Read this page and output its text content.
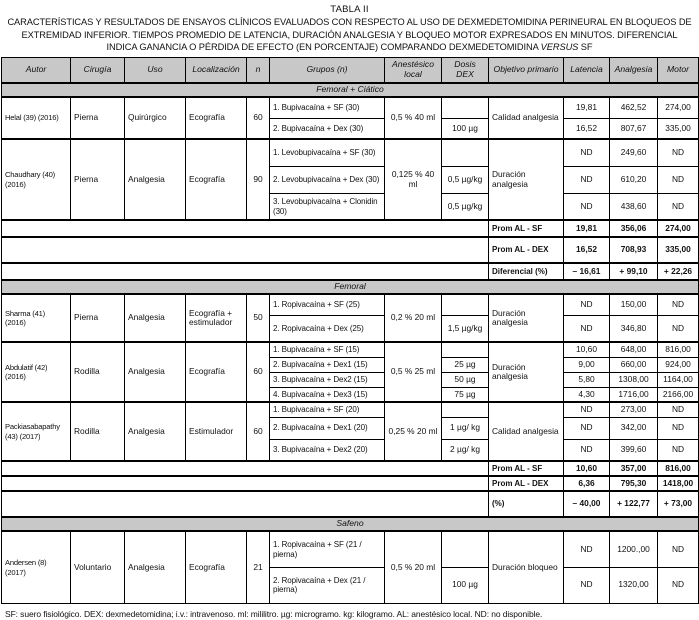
TABLA II
CARACTERÍSTICAS Y RESULTADOS DE ENSAYOS CLÍNICOS EVALUADOS CON RESPECTO AL USO DE DEXMEDETOMIDINA PERINEURAL EN BLOQUEOS DE EXTREMIDAD INFERIOR. TIEMPOS PROMEDIO DE LATENCIA, DURACIÓN ANALGESIA Y BLOQUEO MOTOR EXPRESADOS EN MINUTOS. DIFERENCIAL INDICA GANANCIA O PÉRDIDA DE EFECTO (EN PORCENTAJE) COMPARANDO DEXMEDETOMIDINA VERSUS SF
Autor	Cirugía	Uso	Localización	n	Grupos (n)	Anestésico local	Dosis DEX	Objetivo primario	Latencia	Analgesia	Motor
Femoral + Ciático											
Helal (39) (2016)	Pierna	Quirúrgico	Ecografía	60	1. Bupivacaína + SF (30)	0,5 % 40 ml		Calidad analgesia	19,81	462,52	274,00
					2. Bupivacaína + Dex (30)		100 µg		16,52	807,67	335,00
Chaudhary (40) (2016)	Pierna	Analgesia	Ecografía	90	1. Levobupivacaína + SF (30)	0,125 % 40 ml		Duración analgesia	ND	249,60	ND
					2. Levobupivacaína + Dex (30)		0,5 µg/kg		ND	610,20	ND
					3. Levobupivacaína + Clonidin (30)		0,5 µg/kg		ND	438,60	ND
								Prom AL - SF	19,81	356,06	274,00
								Prom AL - DEX	16,52	708,93	335,00
								Diferencial (%)	– 16,61	+ 99,10	+ 22,26
Femoral											
Sharma (41) (2016)	Pierna	Analgesia	Ecografía + estimulador	50	1. Ropivacaína + SF (25)	0,2 % 20 ml		Duración analgesia	ND	150,00	ND
					2. Ropivacaína + Dex (25)		1,5 µg/kg		ND	346,80	ND
Abdulatif (42) (2016)	Rodilla	Analgesia	Ecografía	60	1. Bupivacaína + SF (15)	0,5 % 25 ml		Duración analgesia	10,60	648,00	816,00
					2. Bupivacaína + Dex1 (15)		25 µg		9,00	660,00	924,00
					3. Bupivacaína + Dex2 (15)		50 µg		5,80	1308,00	1164,00
					4. Bupivacaína + Dex3 (15)		75 µg		4,30	1716,00	2166,00
Packiasabapathy (43) (2017)	Rodilla	Analgesia	Estimulador	60	1. Bupivacaína + SF (20)	0,25 % 20 ml		Calidad analgesia	ND	273,00	ND
					2. Bupivacaína + Dex1 (20)		1 µg/ kg		ND	342,00	ND
					3. Bupivacaína + Dex2 (20)		2 µg/ kg		ND	399,60	ND
								Prom AL - SF	10,60	357,00	816,00
								Prom AL - DEX	6,36	795,30	1418,00
								(%)	– 40,00	+ 122,77	+ 73,00
Safeno											
Andersen (8) (2017)	Voluntario	Analgesia	Ecografía	21	1. Ropivacaína + SF (21 / pierna)	0,5 % 20 ml		Duración bloqueo	ND	1200.,00	ND
					2. Ropivacaína + Dex (21 / pierna)		100 µg		ND	1320,00	ND
SF: suero fisiológico. DEX: dexmedetomidina; i.v.: intravenoso. ml: mililitro. µg: microgramo. kg: kilogramo. AL: anestésico local. ND: no disponible.
